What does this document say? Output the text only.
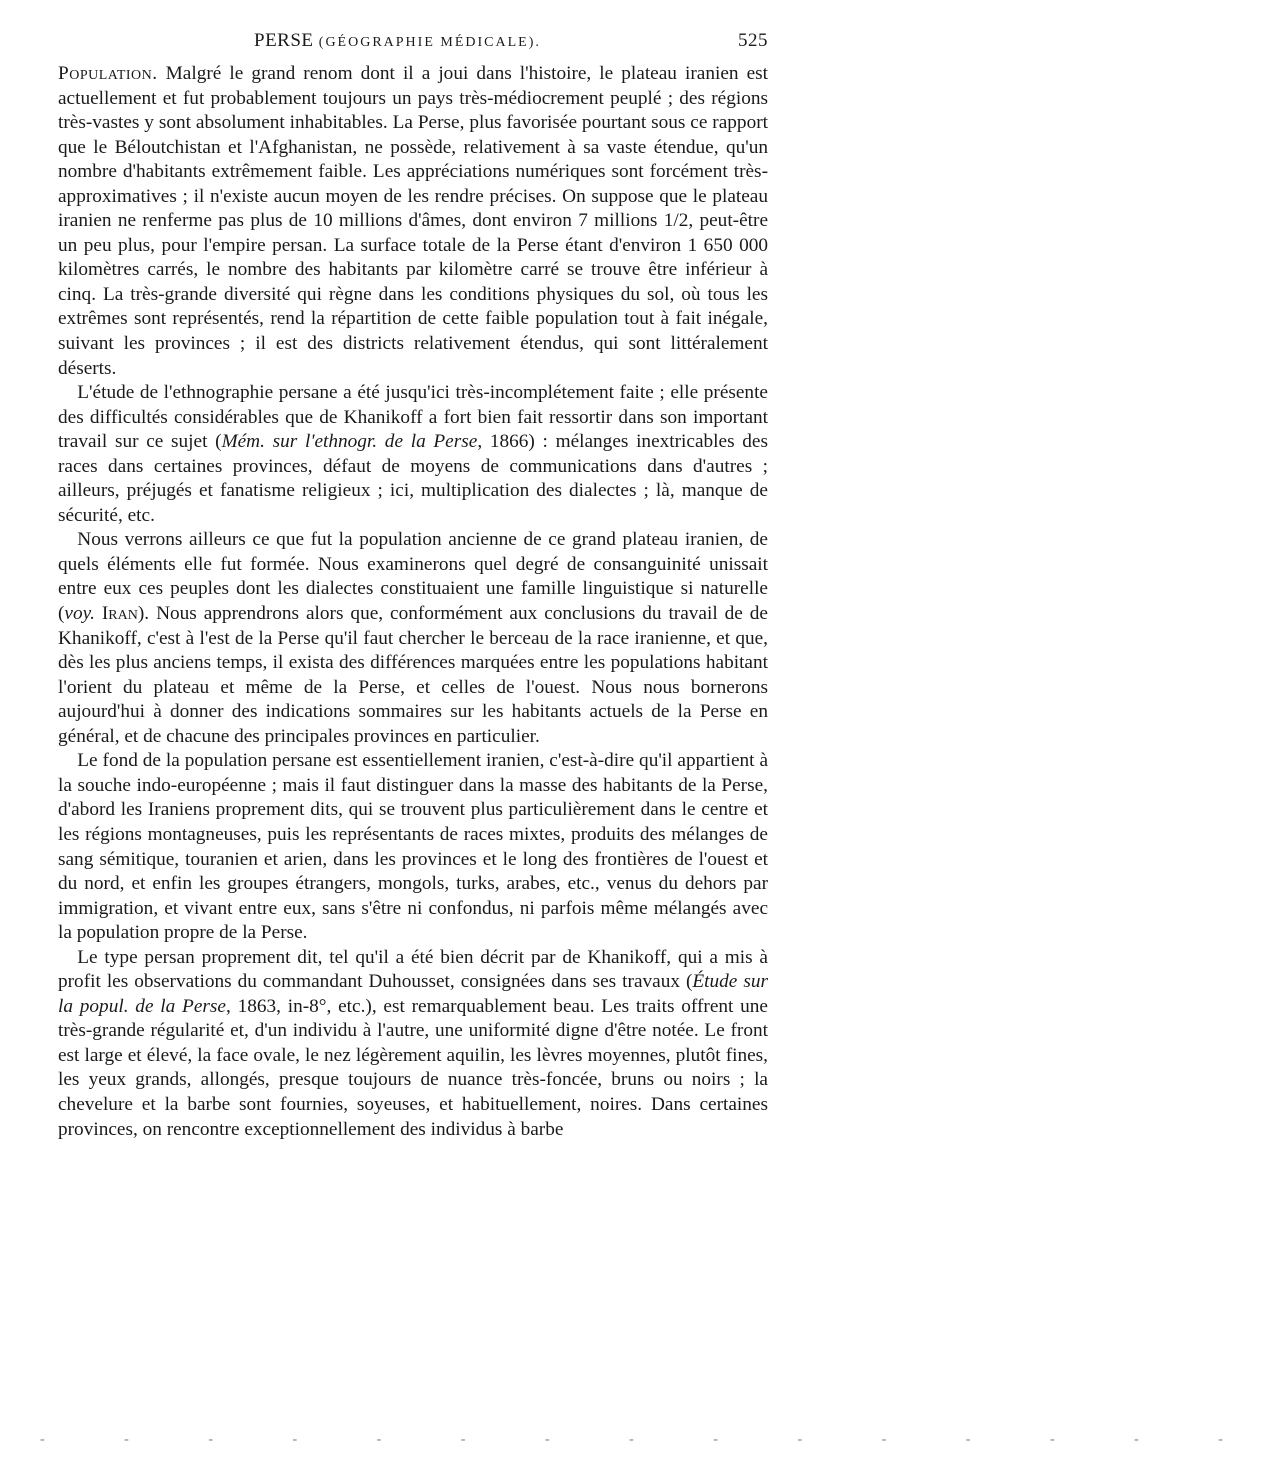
PERSE (GÉOGRAPHIE MÉDICALE).	525

Population. Malgré le grand renom dont il a joui dans l'histoire, le plateau iranien est actuellement et fut probablement toujours un pays très-médiocrement peuplé ; des régions très-vastes y sont absolument inhabitables. La Perse, plus favorisée pourtant sous ce rapport que le Béloutchistan et l'Afghanistan, ne possède, relativement à sa vaste étendue, qu'un nombre d'habitants extrêmement faible. Les appréciations numériques sont forcément très-approximatives ; il n'existe aucun moyen de les rendre précises. On suppose que le plateau iranien ne renferme pas plus de 10 millions d'âmes, dont environ 7 millions 1/2, peut-être un peu plus, pour l'empire persan. La surface totale de la Perse étant d'environ 1 650 000 kilomètres carrés, le nombre des habitants par kilomètre carré se trouve être inférieur à cinq. La très-grande diversité qui règne dans les conditions physiques du sol, où tous les extrêmes sont représentés, rend la répartition de cette faible population tout à fait inégale, suivant les provinces ; il est des districts relativement étendus, qui sont littéralement déserts.

 L'étude de l'ethnographie persane a été jusqu'ici très-incomplétement faite ; elle présente des difficultés considérables que de Khanikoff a fort bien fait ressortir dans son important travail sur ce sujet (Mém. sur l'ethnogr. de la Perse, 1866) : mélanges inextricables des races dans certaines provinces, défaut de moyens de communications dans d'autres ; ailleurs, préjugés et fanatisme religieux ; ici, multiplication des dialectes ; là, manque de sécurité, etc.

 Nous verrons ailleurs ce que fut la population ancienne de ce grand plateau iranien, de quels éléments elle fut formée. Nous examinerons quel degré de consanguinité unissait entre eux ces peuples dont les dialectes constituaient une famille linguistique si naturelle (voy. Iran). Nous apprendrons alors que, conformément aux conclusions du travail de de Khanikoff, c'est à l'est de la Perse qu'il faut chercher le berceau de la race iranienne, et que, dès les plus anciens temps, il exista des différences marquées entre les populations habitant l'orient du plateau et même de la Perse, et celles de l'ouest. Nous nous bornerons aujourd'hui à donner des indications sommaires sur les habitants actuels de la Perse en général, et de chacune des principales provinces en particulier.

 Le fond de la population persane est essentiellement iranien, c'est-à-dire qu'il appartient à la souche indo-européenne ; mais il faut distinguer dans la masse des habitants de la Perse, d'abord les Iraniens proprement dits, qui se trouvent plus particulièrement dans le centre et les régions montagneuses, puis les représentants de races mixtes, produits des mélanges de sang sémitique, touranien et arien, dans les provinces et le long des frontières de l'ouest et du nord, et enfin les groupes étrangers, mongols, turks, arabes, etc., venus du dehors par immigration, et vivant entre eux, sans s'être ni confondus, ni parfois même mélangés avec la population propre de la Perse.

 Le type persan proprement dit, tel qu'il a été bien décrit par de Khanikoff, qui a mis à profit les observations du commandant Duhousset, consignées dans ses travaux (Étude sur la popul. de la Perse, 1863, in-8°, etc.), est remarquablement beau. Les traits offrent une très-grande régularité et, d'un individu à l'autre, une uniformité digne d'être notée. Le front est large et élevé, la face ovale, le nez légèrement aquilin, les lèvres moyennes, plutôt fines, les yeux grands, allongés, presque toujours de nuance très-foncée, bruns ou noirs ; la chevelure et la barbe sont fournies, soyeuses, et habituellement, noires. Dans certaines provinces, on rencontre exceptionnellement des individus à barbe

- - - - - - - - - - - - - - -
